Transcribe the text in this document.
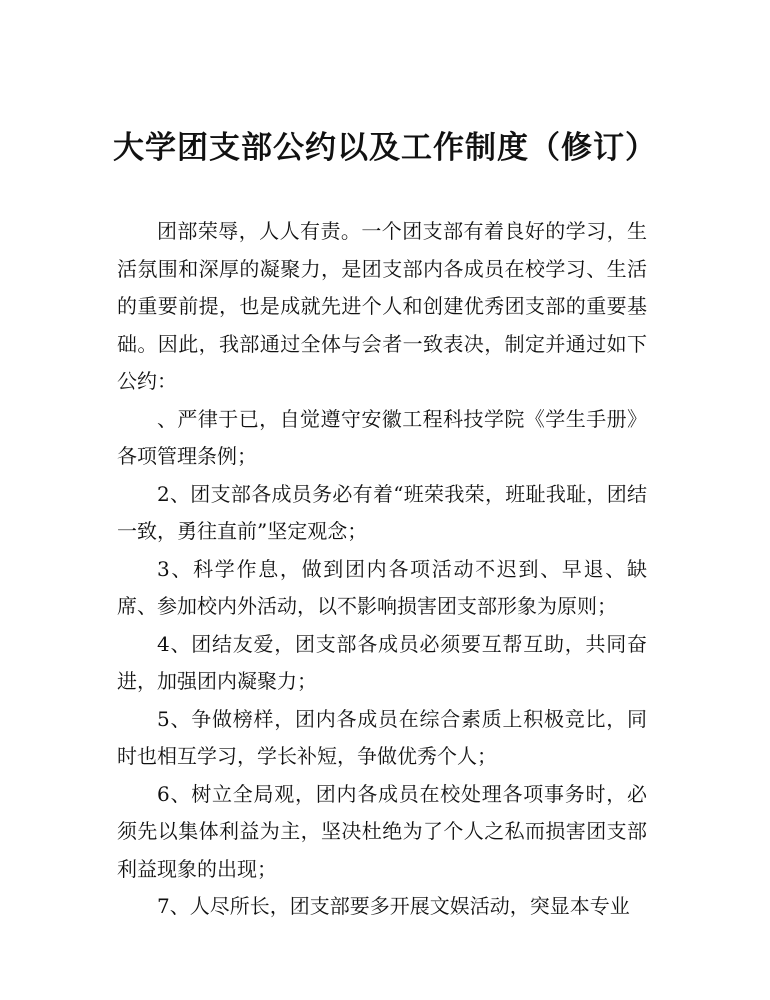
大学团支部公约以及工作制度（修订）

团部荣辱，人人有责。一个团支部有着良好的学习，生活氛围和深厚的凝聚力，是团支部内各成员在校学习、生活的重要前提，也是成就先进个人和创建优秀团支部的重要基础。因此，我部通过全体与会者一致表决，制定并通过如下公约：

、严律于已，自觉遵守安徽工程科技学院《学生手册》各项管理条例；

2、团支部各成员务必有着“班荣我荣，班耻我耻，团结一致，勇往直前”坚定观念；

3、科学作息，做到团内各项活动不迟到、早退、缺席、参加校内外活动，以不影响损害团支部形象为原则；

4、团结友爱，团支部各成员必须要互帮互助，共同奋进，加强团内凝聚力；

5、争做榜样，团内各成员在综合素质上积极竞比，同时也相互学习，学长补短，争做优秀个人；

6、树立全局观，团内各成员在校处理各项事务时，必须先以集体利益为主，坚决杜绝为了个人之私而损害团支部利益现象的出现；

7、人尽所长，团支部要多开展文娱活动，突显本专业
